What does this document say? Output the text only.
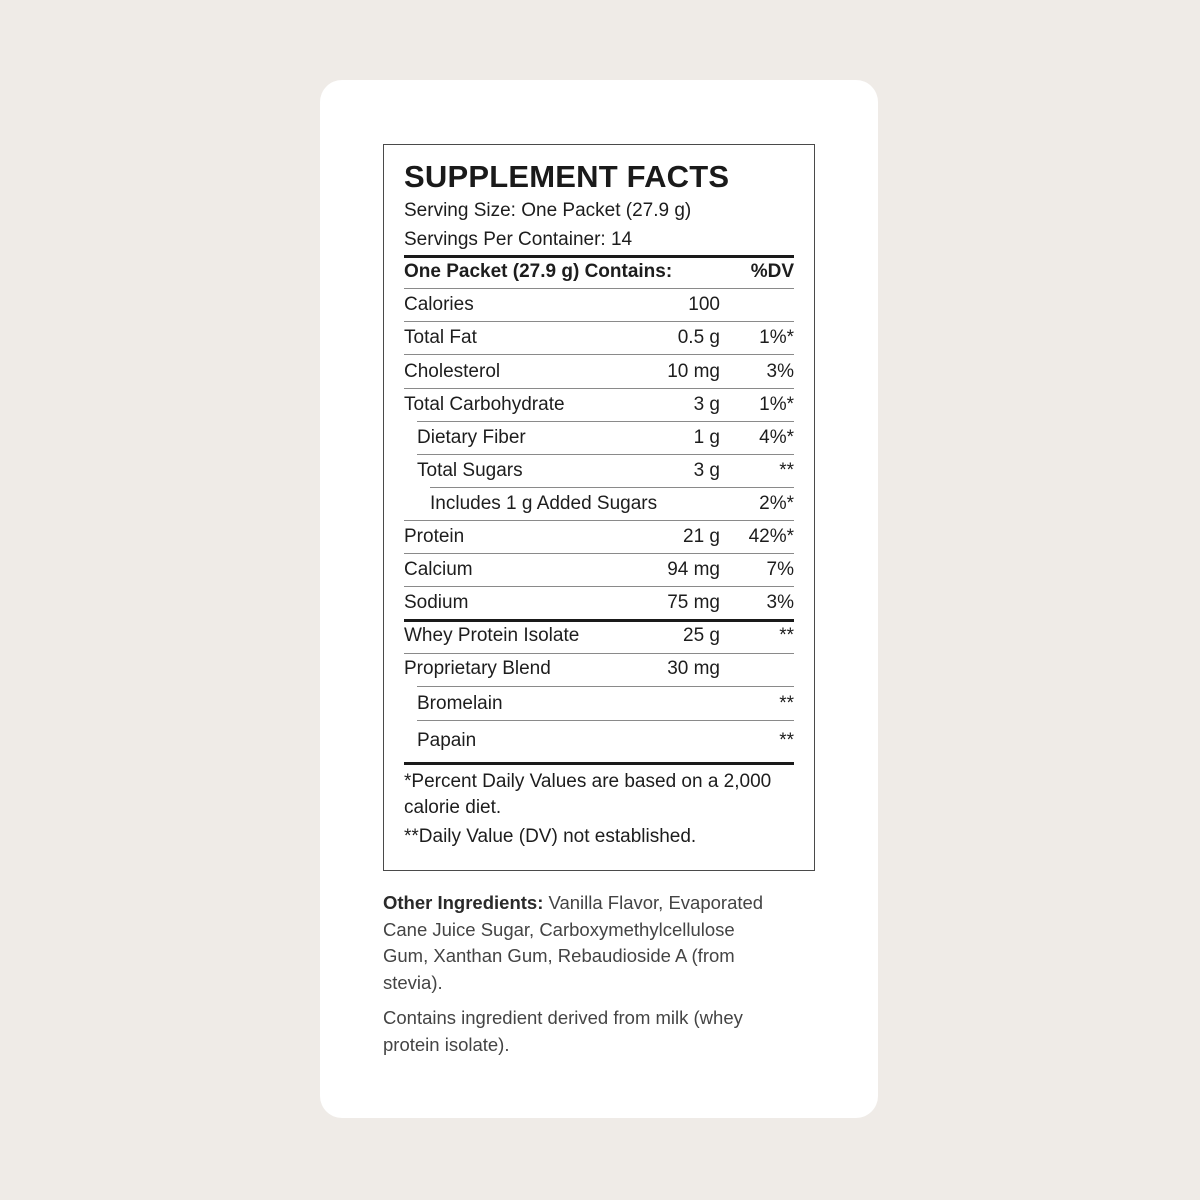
SUPPLEMENT FACTS
Serving Size: One Packet (27.9 g)
Servings Per Container: 14
One Packet (27.9 g) Contains:	%DV
Calories	100
Total Fat	0.5 g 1%*
Cholesterol	10 mg 3%
Total Carbohydrate	3 g 1%*
Dietary Fiber	1 g 4%*
Total Sugars	3 g	**
Includes 1 g Added Sugars	2%*
Protein	21 g 42%*
Calcium	94 mg 7%
Sodium	75 mg 3%
Whey Protein Isolate	25 g	**
Proprietary Blend	30 mg
Bromelain	**
Papain	**
*Percent Daily Values are based on a 2,000 calorie diet.
**Daily Value (DV) not established.
Other Ingredients: Vanilla Flavor, Evaporated Cane Juice Sugar, Carboxymethylcellulose Gum, Xanthan Gum, Rebaudioside A (from stevia).
Contains ingredient derived from milk (whey protein isolate).
